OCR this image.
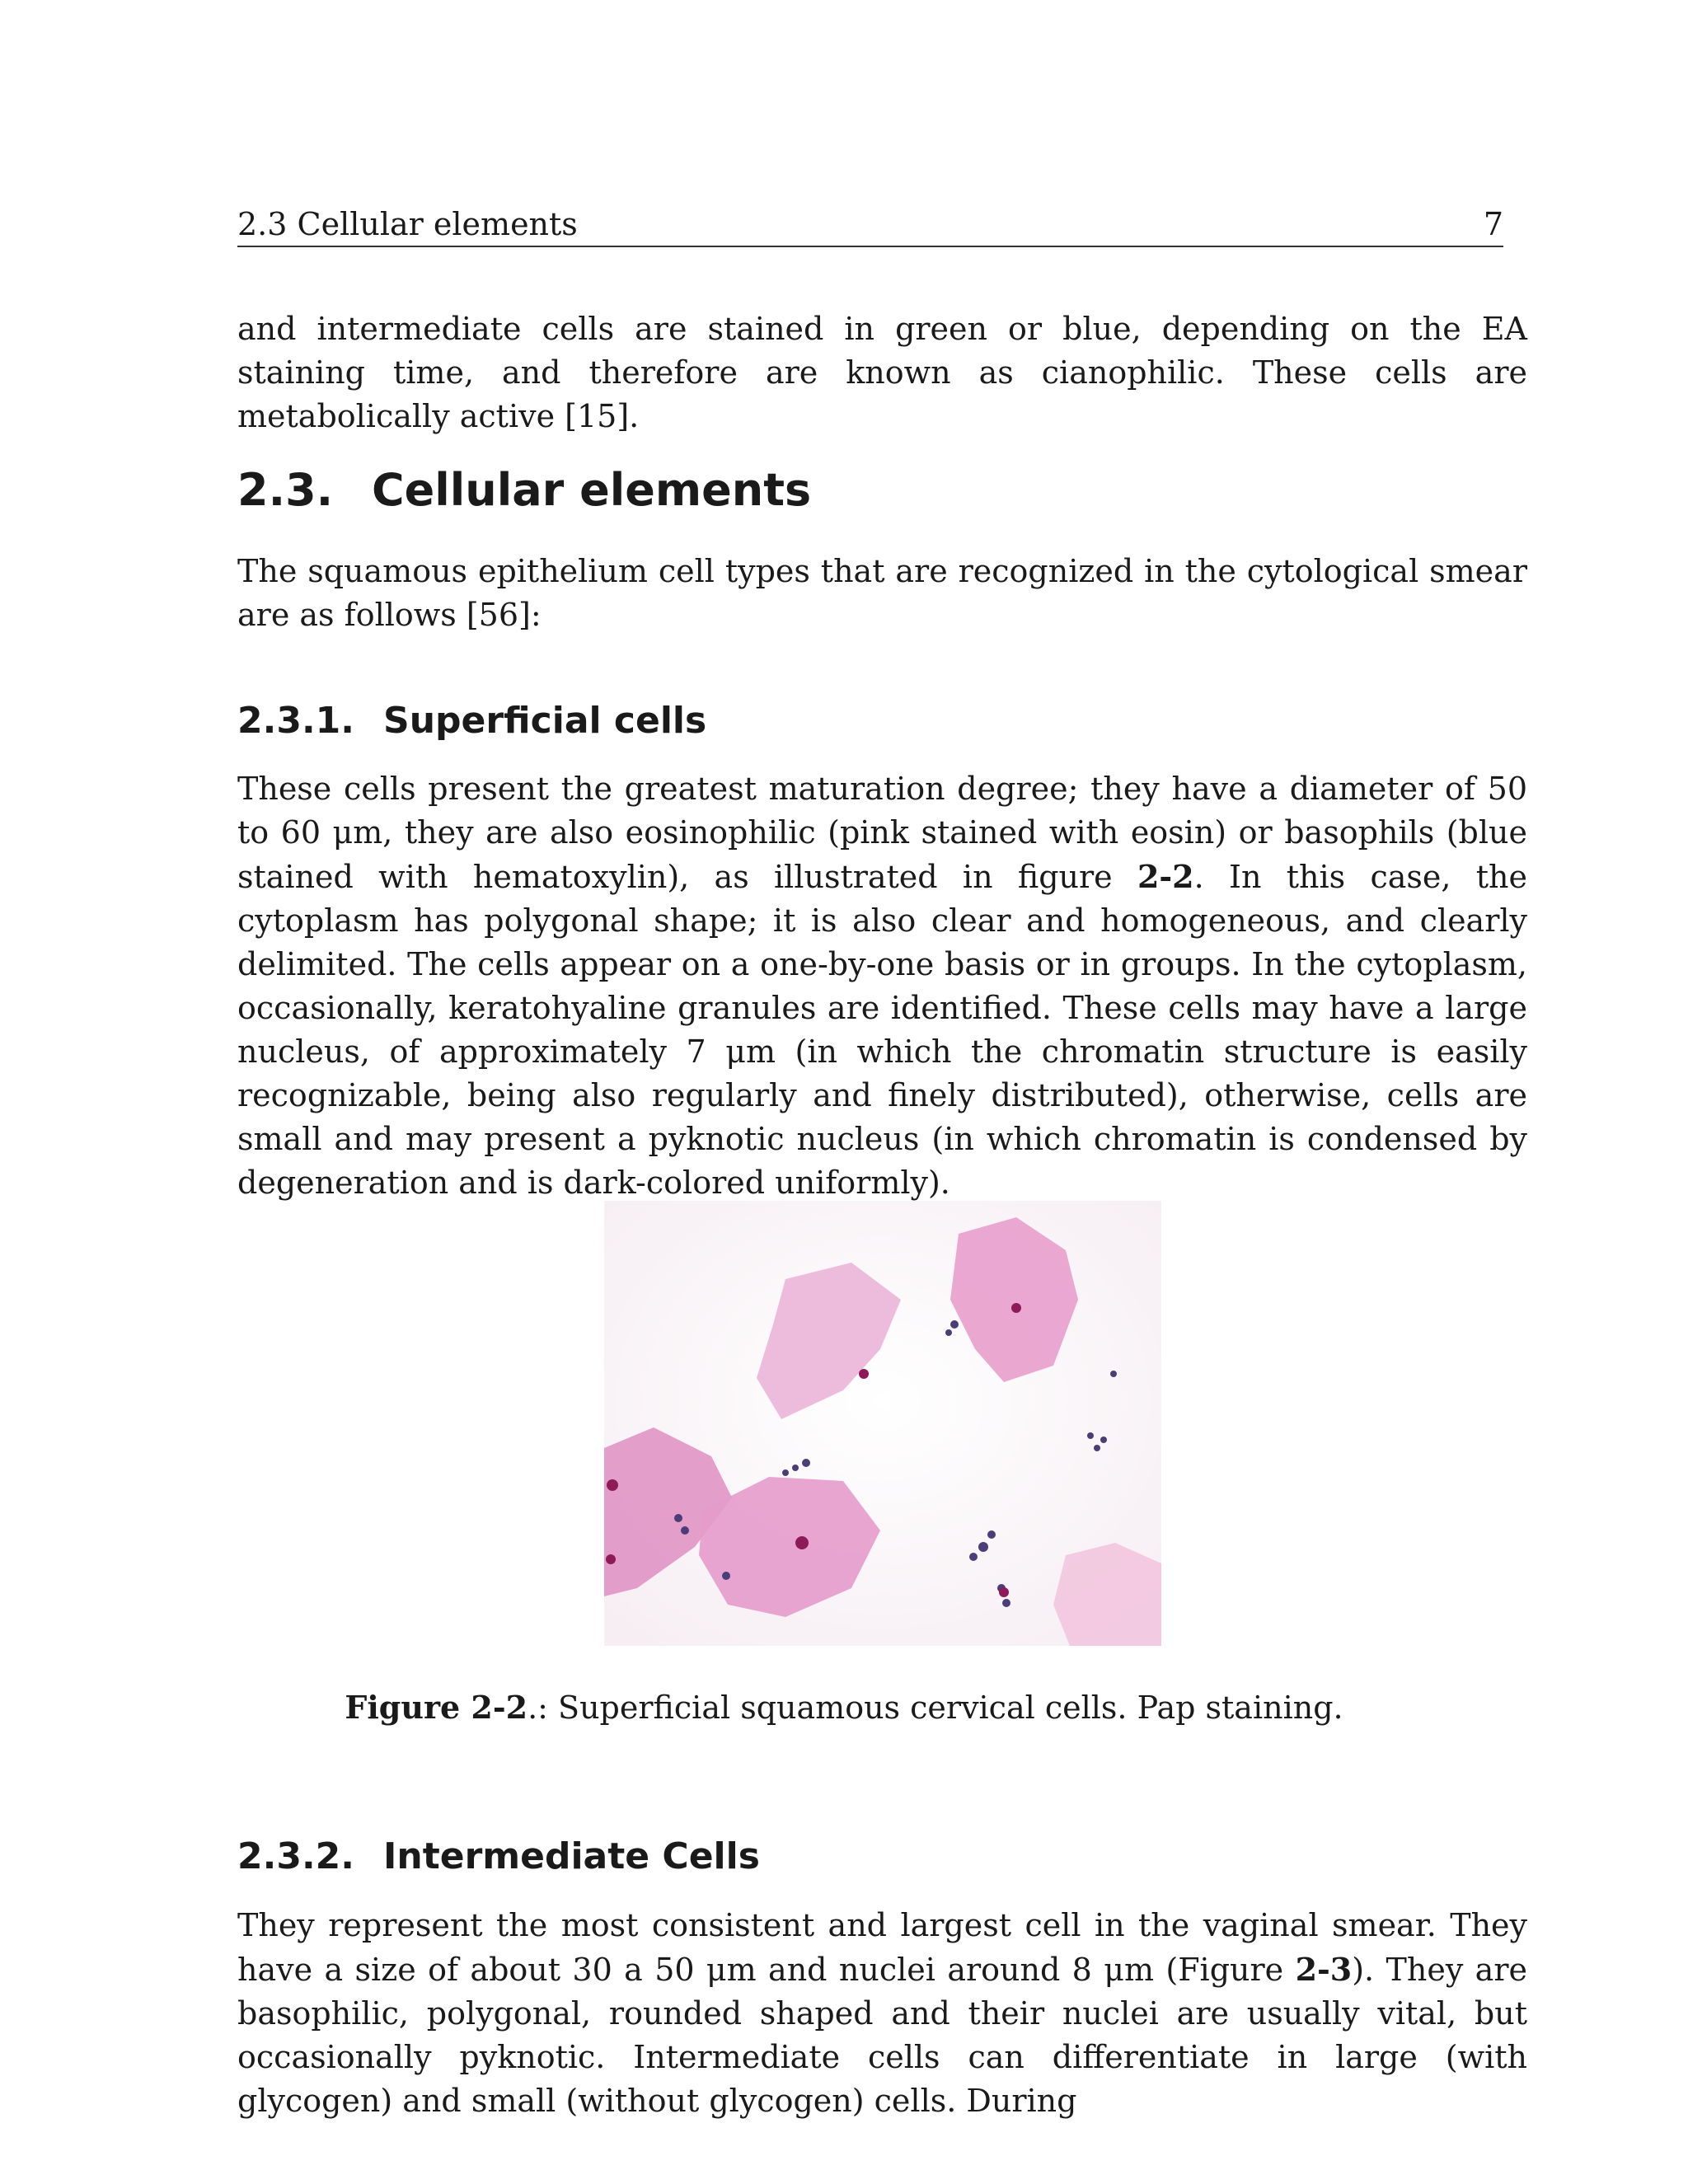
2.3 Cellular elements	7

and intermediate cells are stained in green or blue, depending on the EA staining time, and therefore are known as cianophilic. These cells are metabolically active [15].

2.3. Cellular elements

The squamous epithelium cell types that are recognized in the cytological smear are as follows [56]:

2.3.1. Superficial cells

These cells present the greatest maturation degree; they have a diameter of 50 to 60 μm, they are also eosinophilic (pink stained with eosin) or basophils (blue stained with hematoxylin), as illustrated in figure 2-2. In this case, the cytoplasm has polygonal shape; it is also clear and homogeneous, and clearly delimited. The cells appear on a one-by-one basis or in groups. In the cytoplasm, occasionally, keratohyaline granules are identified. These cells may have a large nucleus, of approximately 7 μm (in which the chromatin structure is easily recognizable, being also regularly and finely distributed), otherwise, cells are small and may present a pyknotic nucleus (in which chromatin is condensed by degeneration and is dark-colored uniformly).

Figure 2-2.: Superficial squamous cervical cells. Pap staining.
2.3.2. Intermediate Cells

They represent the most consistent and largest cell in the vaginal smear. They have a size of about 30 a 50 μm and nuclei around 8 μm (Figure 2-3). They are basophilic, polygonal, rounded shaped and their nuclei are usually vital, but occasionally pyknotic. Intermediate cells can differentiate in large (with glycogen) and small (without glycogen) cells. During
